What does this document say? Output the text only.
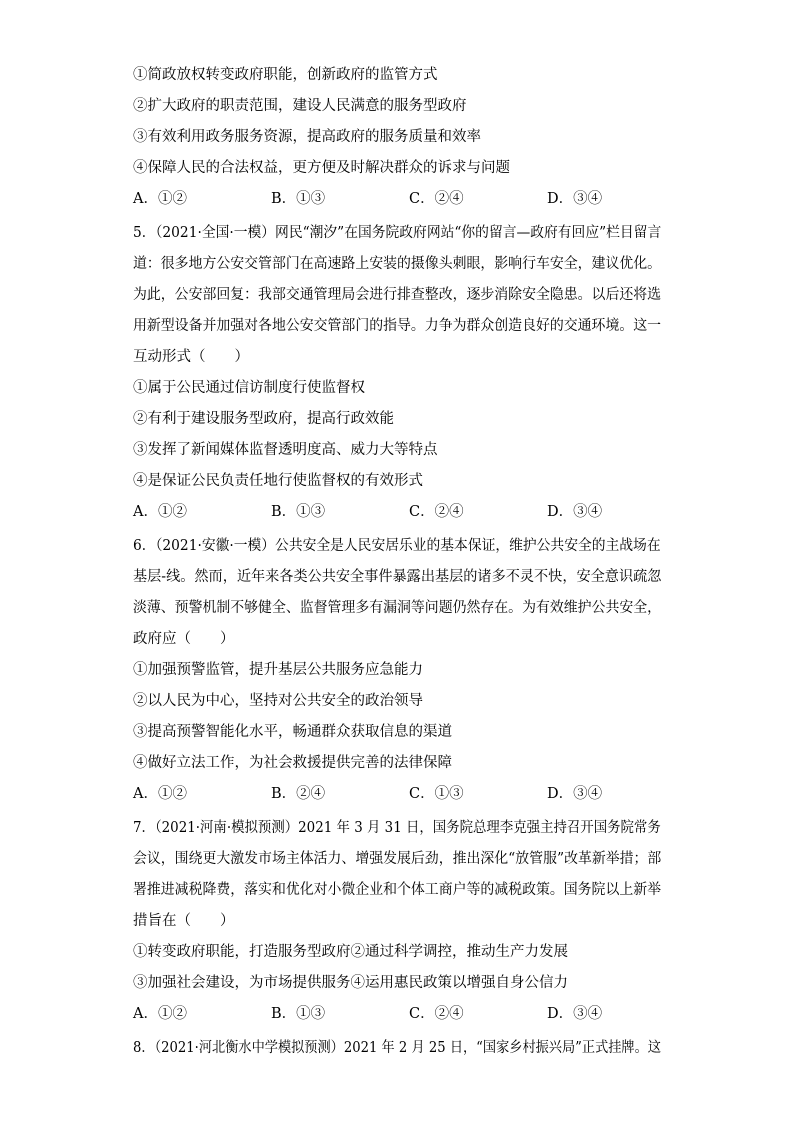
①简政放权转变政府职能，创新政府的监管方式
②扩大政府的职责范围，建设人民满意的服务型政府
③有效利用政务服务资源，提高政府的服务质量和效率
④保障人民的合法权益，更方便及时解决群众的诉求与问题
A．①②	B．①③	C．②④	D．③④
5．（2021·全国·一模）网民“潮汐”在国务院政府网站“你的留言—政府有回应”栏目留言
道：很多地方公安交管部门在高速路上安装的摄像头刺眼，影响行车安全，建议优化。
为此，公安部回复：我部交通管理局会进行排查整改，逐步消除安全隐患。以后还将选
用新型设备并加强对各地公安交管部门的指导。力争为群众创造良好的交通环境。这一
互动形式（　　）
①属于公民通过信访制度行使监督权
②有利于建设服务型政府，提高行政效能
③发挥了新闻媒体监督透明度高、威力大等特点
④是保证公民负责任地行使监督权的有效形式
A．①②	B．①③	C．②④	D．③④
6．（2021·安徽·一模）公共安全是人民安居乐业的基本保证，维护公共安全的主战场在
基层-线。然而，近年来各类公共安全事件暴露出基层的诸多不灵不快，安全意识疏忽
淡薄、预警机制不够健全、监督管理多有漏洞等问题仍然存在。为有效维护公共安全，
政府应（　　）
①加强预警监管，提升基层公共服务应急能力
②以人民为中心，坚持对公共安全的政治领导
③提高预警智能化水平，畅通群众获取信息的渠道
④做好立法工作，为社会救援提供完善的法律保障
A．①②	B．②④	C．①③	D．③④
7．（2021·河南·模拟预测）2021 年 3 月 31 日，国务院总理李克强主持召开国务院常务
会议，围绕更大激发市场主体活力、增强发展后劲，推出深化“放管服”改革新举措；部
署推进减税降费，落实和优化对小微企业和个体工商户等的减税政策。国务院以上新举
措旨在（　　）
①转变政府职能，打造服务型政府②通过科学调控，推动生产力发展
③加强社会建设，为市场提供服务④运用惠民政策以增强自身公信力
A．①②	B．①③	C．②④	D．③④
8．（2021·河北衡水中学模拟预测）2021 年 2 月 25 日，“国家乡村振兴局”正式挂牌。这
